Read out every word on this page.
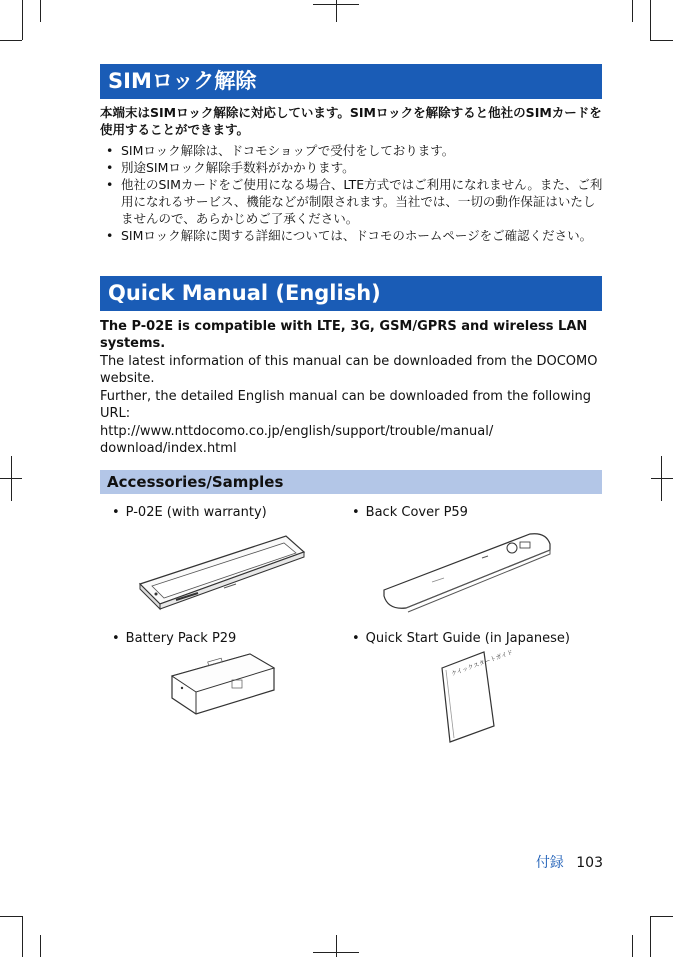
SIMロック解除
本端末はSIMロック解除に対応しています。SIMロックを解除すると他社のSIMカードを使用することができます。
• SIMロック解除は、ドコモショップで受付をしております。
• 別途SIMロック解除手数料がかかります。
• 他社のSIMカードをご使用になる場合、LTE方式ではご利用になれません。また、ご利用になれるサービス、機能などが制限されます。当社では、一切の動作保証はいたしませんので、あらかじめご了承ください。
• SIMロック解除に関する詳細については、ドコモのホームページをご確認ください。
Quick Manual (English)
The P-02E is compatible with LTE, 3G, GSM/GPRS and wireless LAN systems.
The latest information of this manual can be downloaded from the DOCOMO website.
Further, the detailed English manual can be downloaded from the following URL:
http://www.nttdocomo.co.jp/english/support/trouble/manual/
download/index.html
Accessories/Samples
• P-02E (with warranty)	• Back Cover P59
• Battery Pack P29	• Quick Start Guide (in Japanese)
クイックスタートガイド
付録 103
